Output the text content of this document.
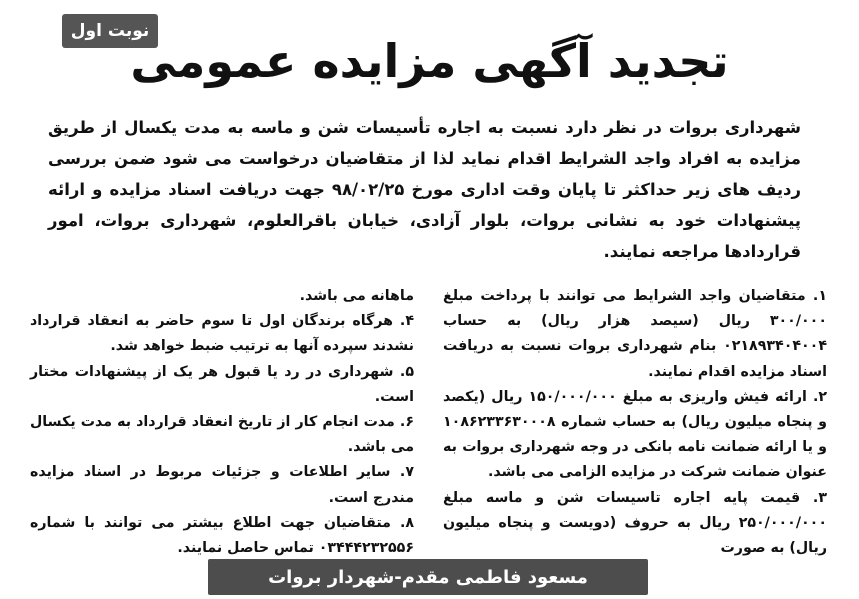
نوبت اول
تجدید آگهی مزایده عمومی
شهرداری بروات در نظر دارد نسبت به اجاره تأسیسات شن و ماسه به مدت یکسال از طریق مزایده به افراد واجد الشرایط اقدام نماید لذا از متقاضیان درخواست می شود ضمن بررسی ردیف های زیر حداکثر تا پایان وقت اداری مورخ ۹۸/۰۲/۲۵ جهت دریافت اسناد مزایده و ارائه پیشنهادات خود به نشانی بروات، بلوار آزادی، خیابان باقرالعلوم، شهرداری بروات، امور قراردادها مراجعه نمایند.

۱. متقاضیان واجد الشرایط می توانند با پرداخت مبلغ ۳۰۰/۰۰۰ ریال (سیصد هزار ریال) به حساب ۰۲۱۸۹۳۴۰۴۰۰۴ بنام شهرداری بروات نسبت به دریافت اسناد مزایده اقدام نمایند.

۲. ارائه فیش واریزی به مبلغ ۱۵۰/۰۰۰/۰۰۰ ریال (یکصد و پنجاه میلیون ریال) به حساب شماره ۱۰۸۶۲۳۳۶۳۰۰۰۸ و یا ارائه ضمانت نامه بانکی در وجه شهرداری بروات به عنوان ضمانت شرکت در مزایده الزامی می باشد.

۳. قیمت پایه اجاره تاسیسات شن و ماسه مبلغ ۲۵۰/۰۰۰/۰۰۰ ریال به حروف (دویست و پنجاه میلیون ریال) به صورت

ماهانه می باشد.

۴. هرگاه برندگان اول تا سوم حاضر به انعقاد قرارداد نشدند سپرده آنها به ترتیب ضبط خواهد شد.

۵. شهرداری در رد یا قبول هر یک از پیشنهادات مختار است.

۶. مدت انجام کار از تاریخ انعقاد قرارداد به مدت یکسال می باشد.

۷. سایر اطلاعات و جزئیات مربوط در اسناد مزایده مندرج است.

۸. متقاضیان جهت اطلاع بیشتر می توانند با شماره ۰۳۴۴۴۲۳۲۵۵۶ تماس حاصل نمایند.

مسعود فاطمی مقدم-شهردار بروات
